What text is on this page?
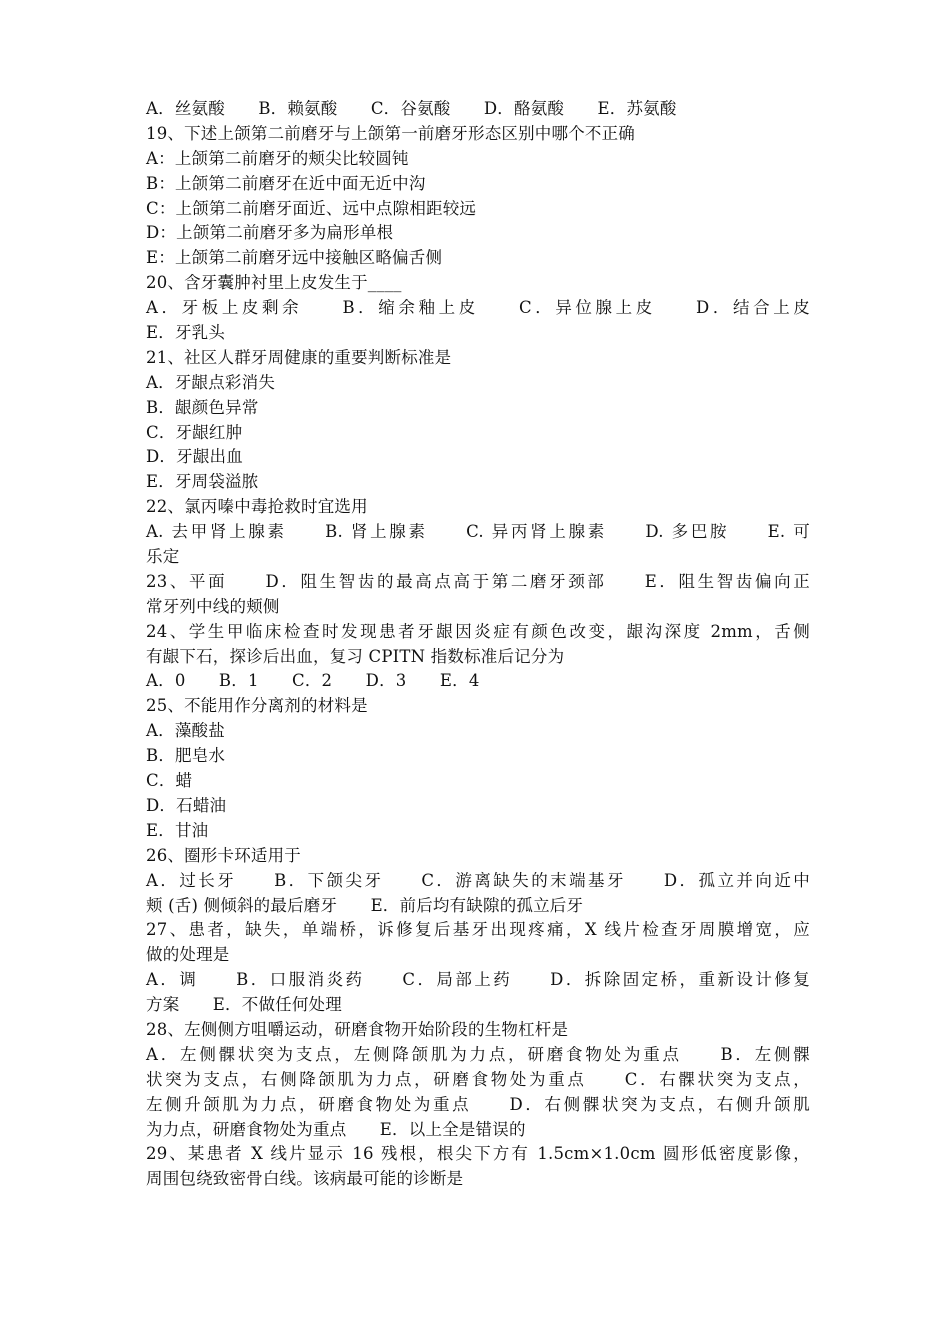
A．丝氨酸　　B．赖氨酸　　C．谷氨酸　　D．酪氨酸　　E．苏氨酸
19、下述上颌第二前磨牙与上颌第一前磨牙形态区别中哪个不正确
A：上颌第二前磨牙的颊尖比较圆钝
B：上颌第二前磨牙在近中面无近中沟
C：上颌第二前磨牙面近、远中点隙相距较远
D：上颌第二前磨牙多为扁形单根
E：上颌第二前磨牙远中接触区略偏舌侧
20、含牙囊肿衬里上皮发生于____
A．牙板上皮剩余　　B．缩余釉上皮　　C．异位腺上皮　　D．结合上皮
E．牙乳头
21、社区人群牙周健康的重要判断标准是
A．牙龈点彩消失
B．龈颜色异常
C．牙龈红肿
D．牙龈出血
E．牙周袋溢脓
22、氯丙嗪中毒抢救时宜选用
A. 去甲肾上腺素　　B. 肾上腺素　　C. 异丙肾上腺素　　D. 多巴胺　　E. 可
乐定
23、平面　　D．阻生智齿的最高点高于第二磨牙颈部　　E．阻生智齿偏向正
常牙列中线的颊侧
24、学生甲临床检查时发现患者牙龈因炎症有颜色改变，龈沟深度 2mm，舌侧
有龈下石，探诊后出血，复习 CPITN 指数标准后记分为
A．0　　B．1　　C．2　　D．3　　E．4
25、不能用作分离剂的材料是
A．藻酸盐
B．肥皂水
C．蜡
D．石蜡油
E．甘油
26、圈形卡环适用于
A．过长牙　　B．下颌尖牙　　C．游离缺失的末端基牙　　D．孤立并向近中
颊 (舌) 侧倾斜的最后磨牙　　E．前后均有缺隙的孤立后牙
27、患者，缺失，单端桥，诉修复后基牙出现疼痛，X 线片检查牙周膜增宽，应
做的处理是
A．调　　B．口服消炎药　　C．局部上药　　D．拆除固定桥，重新设计修复
方案　　E．不做任何处理
28、左侧侧方咀嚼运动，研磨食物开始阶段的生物杠杆是
A．左侧髁状突为支点，左侧降颌肌为力点，研磨食物处为重点　　B．左侧髁
状突为支点，右侧降颌肌为力点，研磨食物处为重点　　C．右髁状突为支点，
左侧升颌肌为力点，研磨食物处为重点　　D．右侧髁状突为支点，右侧升颌肌
为力点，研磨食物处为重点　　E．以上全是错误的
29、某患者 X 线片显示 16 残根，根尖下方有 1.5cm×1.0cm 圆形低密度影像，
周围包绕致密骨白线。该病最可能的诊断是
